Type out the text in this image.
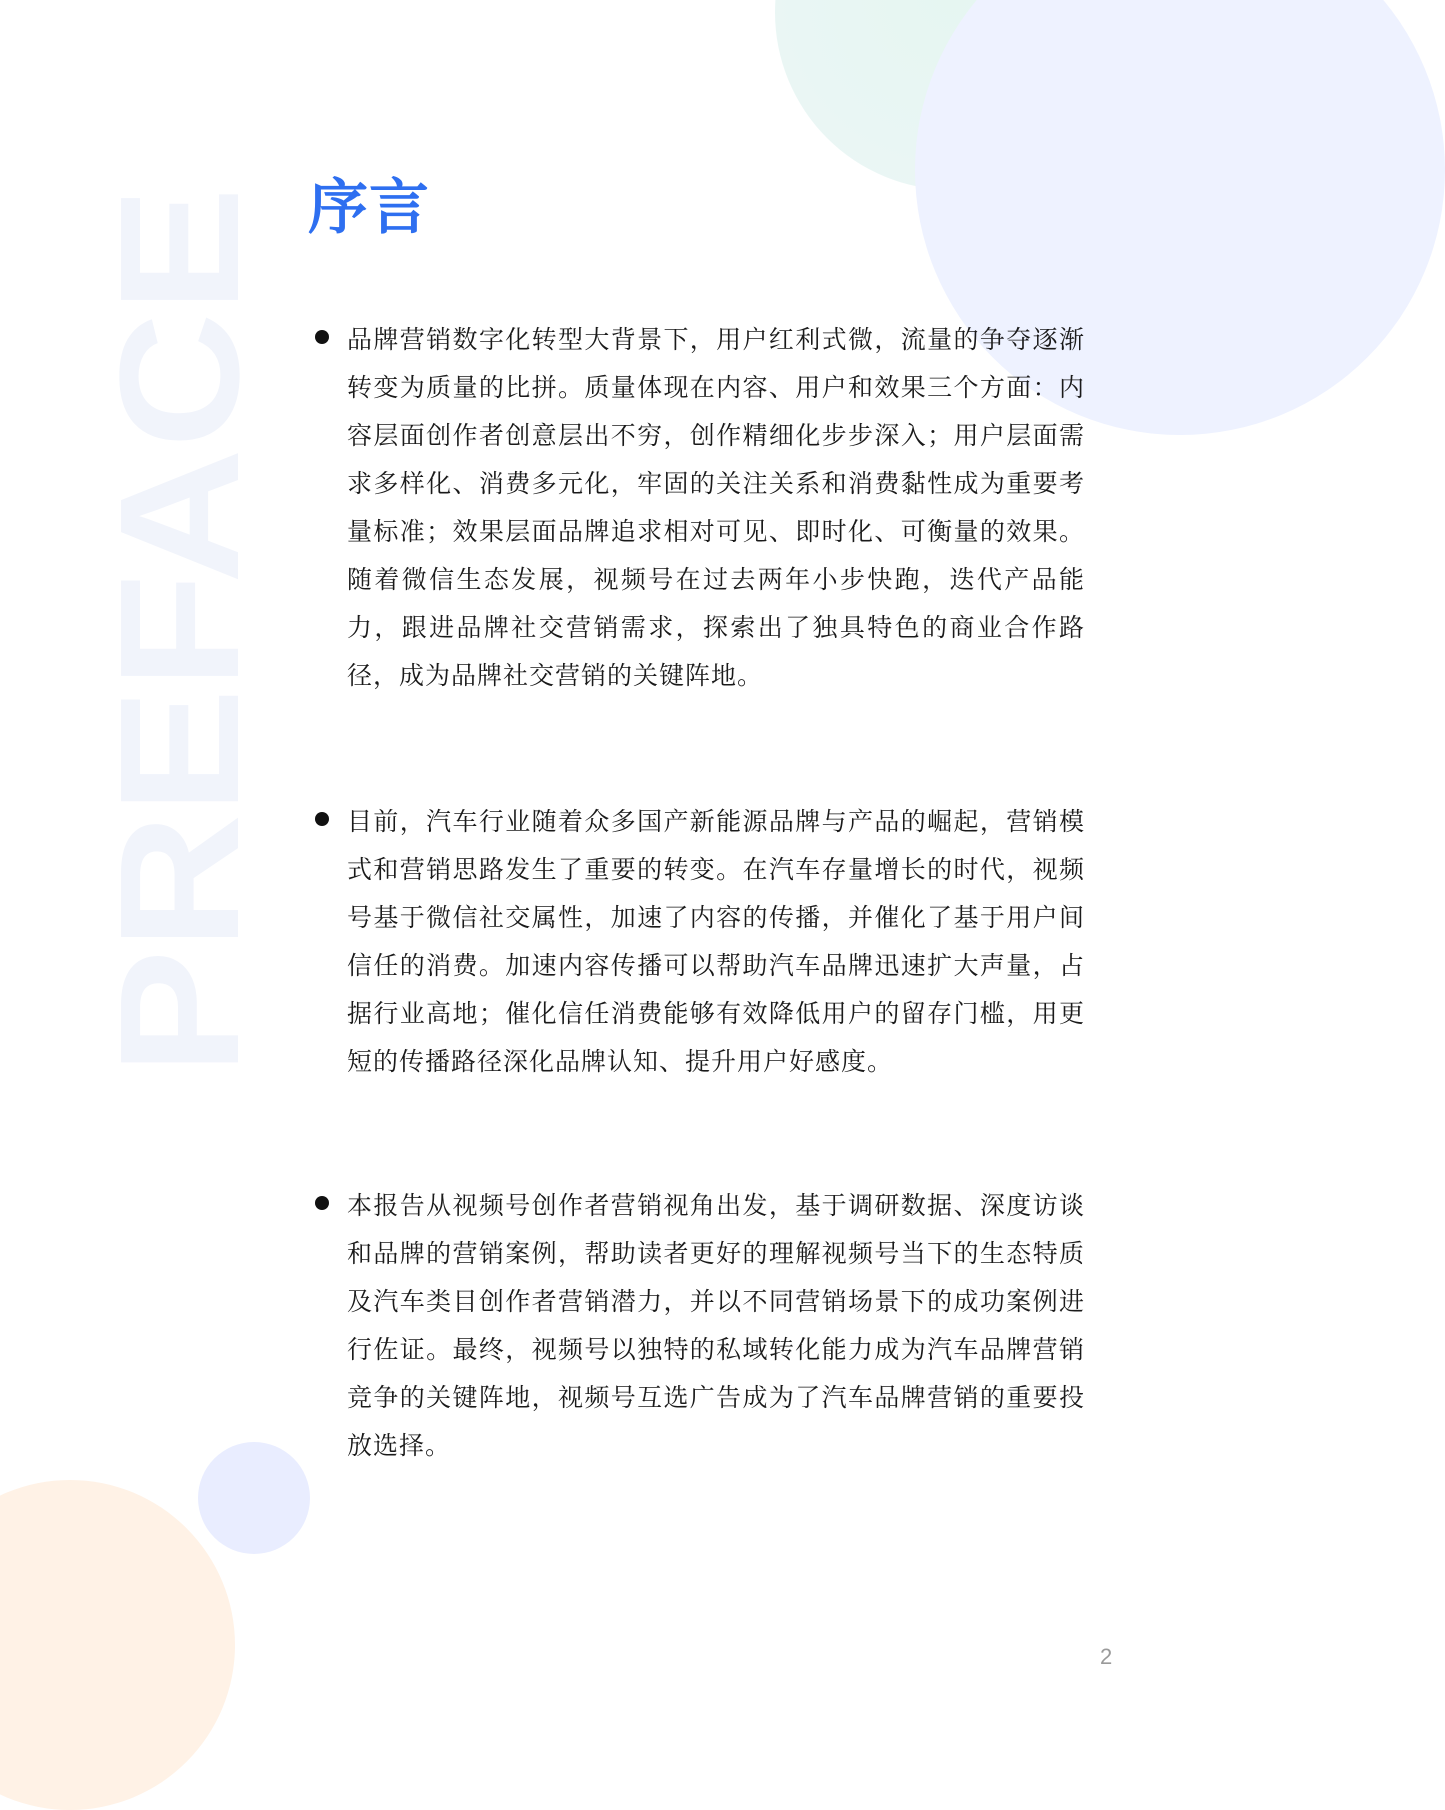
PREFACE
序言
品牌营销数字化转型大背景下，用户红利式微，流量的争夺逐渐转变为质量的比拼。质量体现在内容、用户和效果三个方面：内容层面创作者创意层出不穷，创作精细化步步深入；用户层面需求多样化、消费多元化，牢固的关注关系和消费黏性成为重要考量标准；效果层面品牌追求相对可见、即时化、可衡量的效果。随着微信生态发展，视频号在过去两年小步快跑，迭代产品能力，跟进品牌社交营销需求，探索出了独具特色的商业合作路径，成为品牌社交营销的关键阵地。
目前，汽车行业随着众多国产新能源品牌与产品的崛起，营销模式和营销思路发生了重要的转变。在汽车存量增长的时代，视频号基于微信社交属性，加速了内容的传播，并催化了基于用户间信任的消费。加速内容传播可以帮助汽车品牌迅速扩大声量，占据行业高地；催化信任消费能够有效降低用户的留存门槛，用更短的传播路径深化品牌认知、提升用户好感度。
本报告从视频号创作者营销视角出发，基于调研数据、深度访谈和品牌的营销案例，帮助读者更好的理解视频号当下的生态特质及汽车类目创作者营销潜力，并以不同营销场景下的成功案例进行佐证。最终，视频号以独特的私域转化能力成为汽车品牌营销竞争的关键阵地，视频号互选广告成为了汽车品牌营销的重要投放选择。
2
